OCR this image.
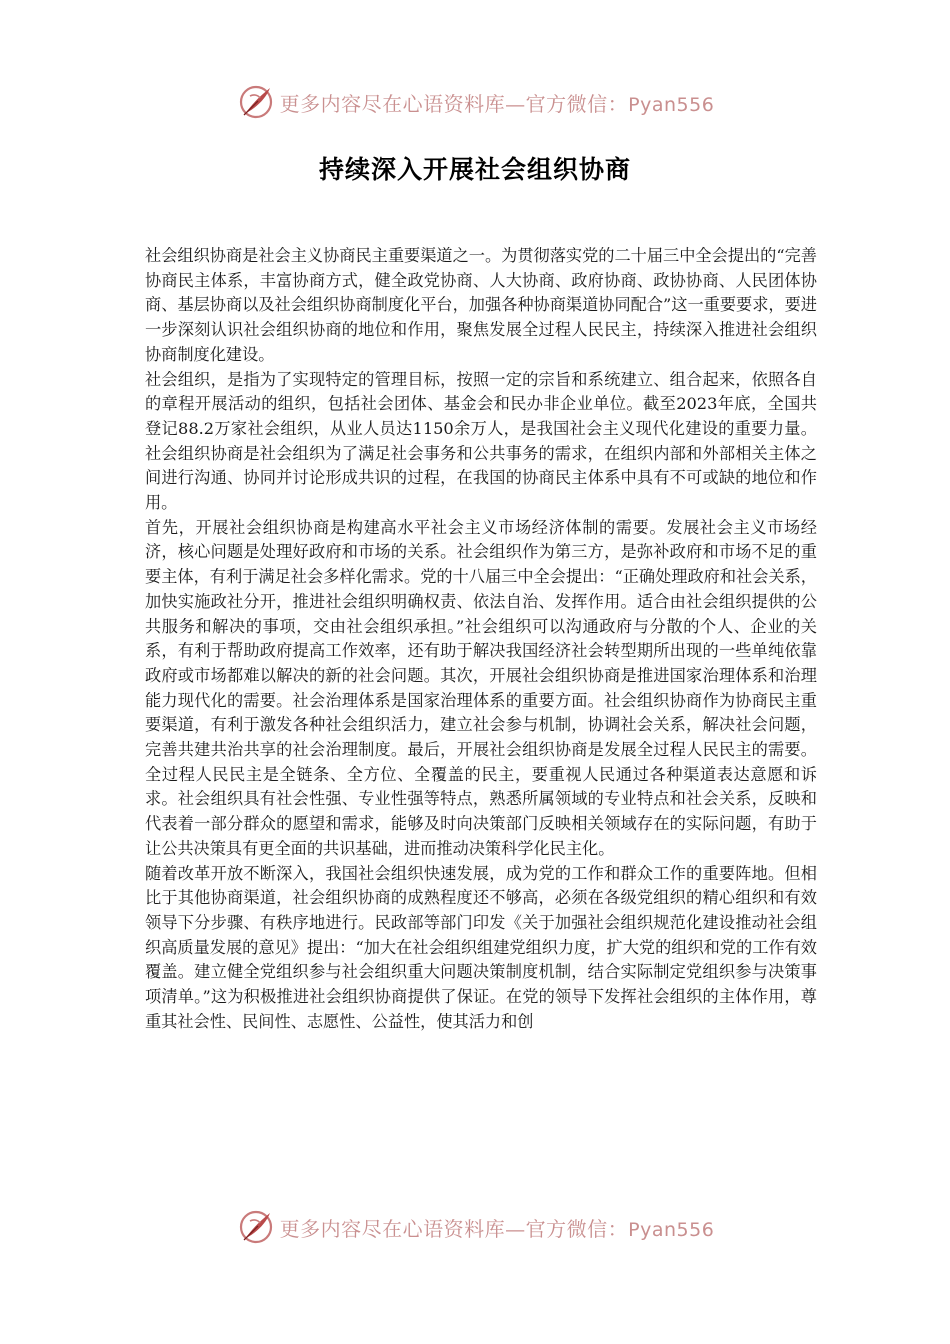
更多内容尽在心语资料库—官方微信：Pyan556
持续深入开展社会组织协商

社会组织协商是社会主义协商民主重要渠道之一。为贯彻落实党的二十届三中全会提出的“完善协商民主体系，丰富协商方式，健全政党协商、人大协商、政府协商、政协协商、人民团体协商、基层协商以及社会组织协商制度化平台，加强各种协商渠道协同配合”这一重要要求，要进一步深刻认识社会组织协商的地位和作用，聚焦发展全过程人民民主，持续深入推进社会组织协商制度化建设。

社会组织，是指为了实现特定的管理目标，按照一定的宗旨和系统建立、组合起来，依照各自的章程开展活动的组织，包括社会团体、基金会和民办非企业单位。截至2023年底，全国共登记88.2万家社会组织，从业人员达1150余万人，是我国社会主义现代化建设的重要力量。社会组织协商是社会组织为了满足社会事务和公共事务的需求，在组织内部和外部相关主体之间进行沟通、协同并讨论形成共识的过程，在我国的协商民主体系中具有不可或缺的地位和作用。

首先，开展社会组织协商是构建高水平社会主义市场经济体制的需要。发展社会主义市场经济，核心问题是处理好政府和市场的关系。社会组织作为第三方，是弥补政府和市场不足的重要主体，有利于满足社会多样化需求。党的十八届三中全会提出：“正确处理政府和社会关系，加快实施政社分开，推进社会组织明确权责、依法自治、发挥作用。适合由社会组织提供的公共服务和解决的事项，交由社会组织承担。”社会组织可以沟通政府与分散的个人、企业的关系，有利于帮助政府提高工作效率，还有助于解决我国经济社会转型期所出现的一些单纯依靠政府或市场都难以解决的新的社会问题。其次，开展社会组织协商是推进国家治理体系和治理能力现代化的需要。社会治理体系是国家治理体系的重要方面。社会组织协商作为协商民主重要渠道，有利于激发各种社会组织活力，建立社会参与机制，协调社会关系，解决社会问题，完善共建共治共享的社会治理制度。最后，开展社会组织协商是发展全过程人民民主的需要。全过程人民民主是全链条、全方位、全覆盖的民主，要重视人民通过各种渠道表达意愿和诉求。社会组织具有社会性强、专业性强等特点，熟悉所属领域的专业特点和社会关系，反映和代表着一部分群众的愿望和需求，能够及时向决策部门反映相关领域存在的实际问题，有助于让公共决策具有更全面的共识基础，进而推动决策科学化民主化。

随着改革开放不断深入，我国社会组织快速发展，成为党的工作和群众工作的重要阵地。但相比于其他协商渠道，社会组织协商的成熟程度还不够高，必须在各级党组织的精心组织和有效领导下分步骤、有秩序地进行。民政部等部门印发《关于加强社会组织规范化建设推动社会组织高质量发展的意见》提出：“加大在社会组织组建党组织力度，扩大党的组织和党的工作有效覆盖。建立健全党组织参与社会组织重大问题决策制度机制，结合实际制定党组织参与决策事项清单。”这为积极推进社会组织协商提供了保证。在党的领导下发挥社会组织的主体作用，尊重其社会性、民间性、志愿性、公益性，使其活力和创

更多内容尽在心语资料库—官方微信：Pyan556
